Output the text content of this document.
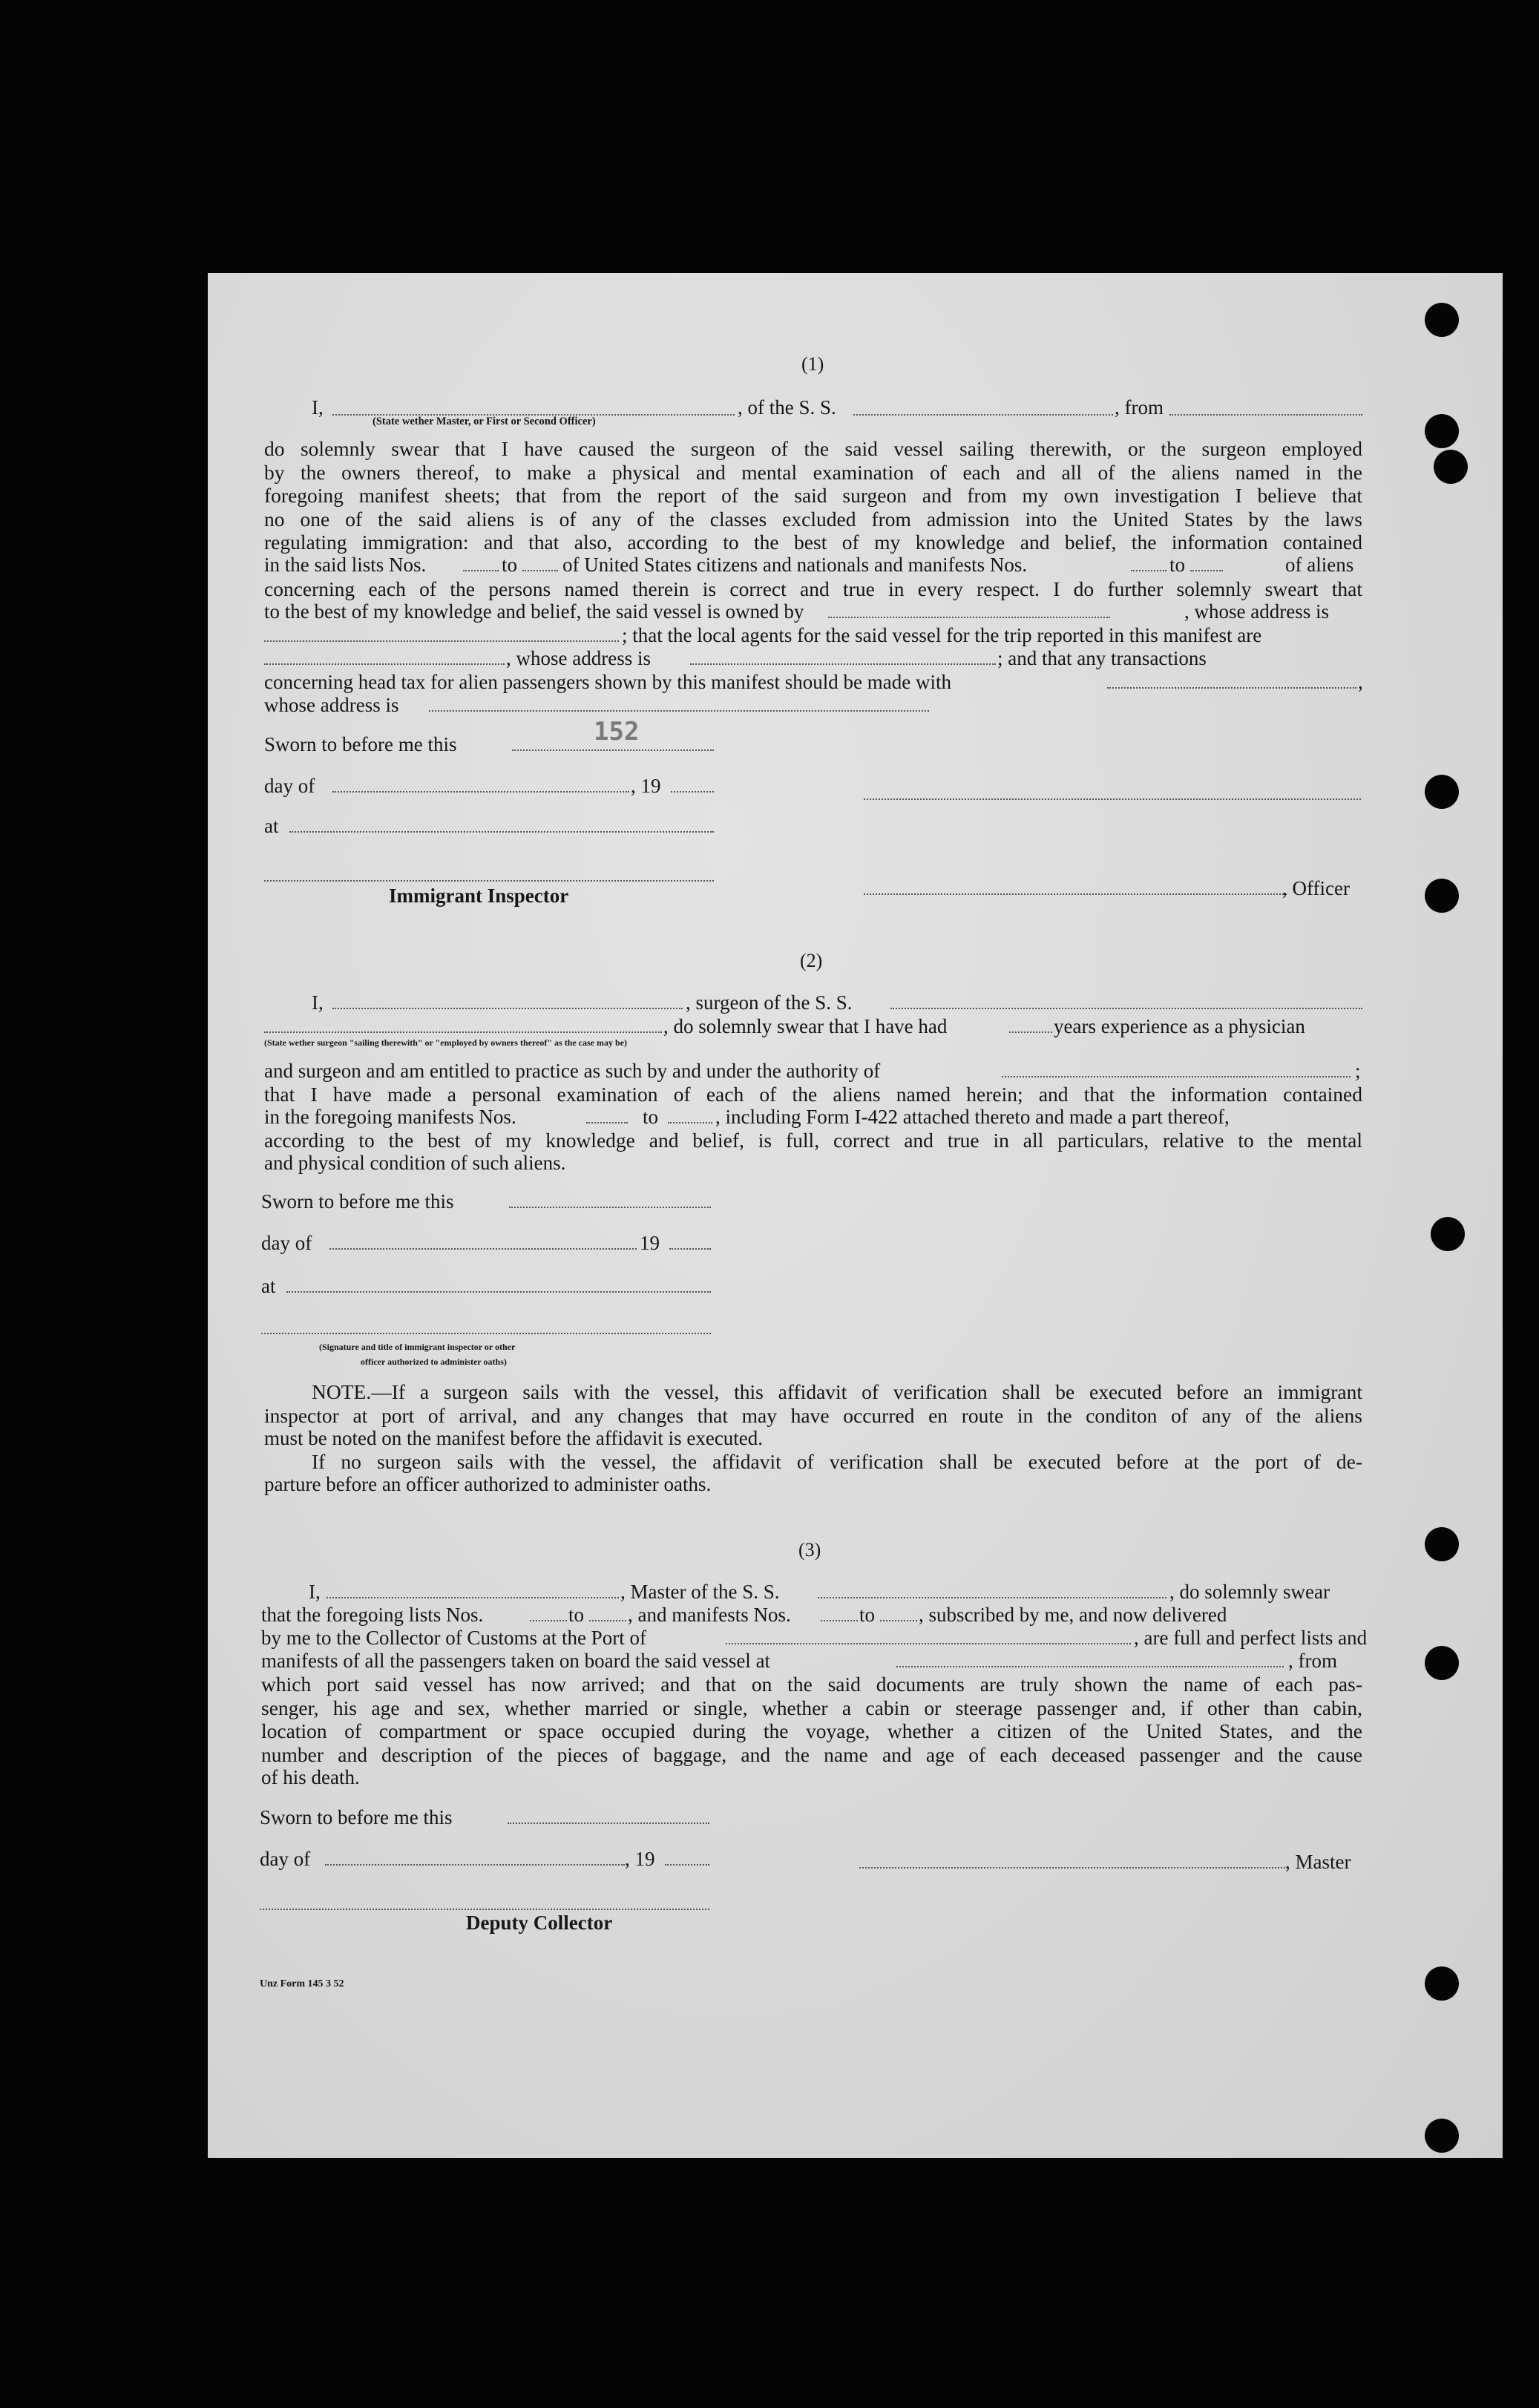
(1)
I,	, of the S. S.	, from
(State wether Master, or First or Second Officer)
do solemnly swear that I have caused the surgeon of the said vessel sailing therewith, or the surgeon employed
by the owners thereof, to make a physical and mental examination of each and all of the aliens named in the
foregoing manifest sheets; that from the report of the said surgeon and from my own investigation I believe that
no one of the said aliens is of any of the classes excluded from admission into the United States by the laws
regulating immigration: and that also, according to the best of my knowledge and belief, the information contained
in the said lists Nos.	to of United States citizens and nationals and manifests Nos.	to	of aliens
concerning each of the persons named therein is correct and true in every respect. I do further solemnly sweart that
to the best of my knowledge and belief, the said vessel is owned by	, whose address is
; that the local agents for the said vessel for the trip reported in this manifest are
, whose address is	; and that any transactions
concerning head tax for alien passengers shown by this manifest should be made with	,
whose address is
Sworn to before me this	152
day of	, 19
at
Immigrant Inspector	, Officer
(2)
I,	, surgeon of the S. S.
, do solemnly swear that I have had	years experience as a physician
(State wether surgeon "sailing therewith" or "employed by owners thereof" as the case may be)
and surgeon and am entitled to practice as such by and under the authority of	;
that I have made a personal examination of each of the aliens named herein; and that the information contained
in the foregoing manifests Nos.	to	, including Form I-422 attached thereto and made a part thereof,
according to the best of my knowledge and belief, is full, correct and true in all particulars, relative to the mental
and physical condition of such aliens.
Sworn to before me this
day of	19
at
(Signature and title of immigrant inspector or other
officer authorized to administer oaths)
NOTE.—If a surgeon sails with the vessel, this affidavit of verification shall be executed before an immigrant
inspector at port of arrival, and any changes that may have occurred en route in the conditon of any of the aliens
must be noted on the manifest before the affidavit is executed.
If no surgeon sails with the vessel, the affidavit of verification shall be executed before at the port of de-
parture before an officer authorized to administer oaths.
(3)
I,	, Master of the S. S.	, do solemnly swear
that the foregoing lists Nos.	to , and manifests Nos.	to , subscribed by me, and now delivered
by me to the Collector of Customs at the Port of	, are full and perfect lists and
manifests of all the passengers taken on board the said vessel at	, from
which port said vessel has now arrived; and that on the said documents are truly shown the name of each pas-
senger, his age and sex, whether married or single, whether a cabin or steerage passenger and, if other than cabin,
location of compartment or space occupied during the voyage, whether a citizen of the United States, and the
number and description of the pieces of baggage, and the name and age of each deceased passenger and the cause
of his death.
Sworn to before me this
day of	, 19	, Master
Deputy Collector
Unz Form 145 3 52
